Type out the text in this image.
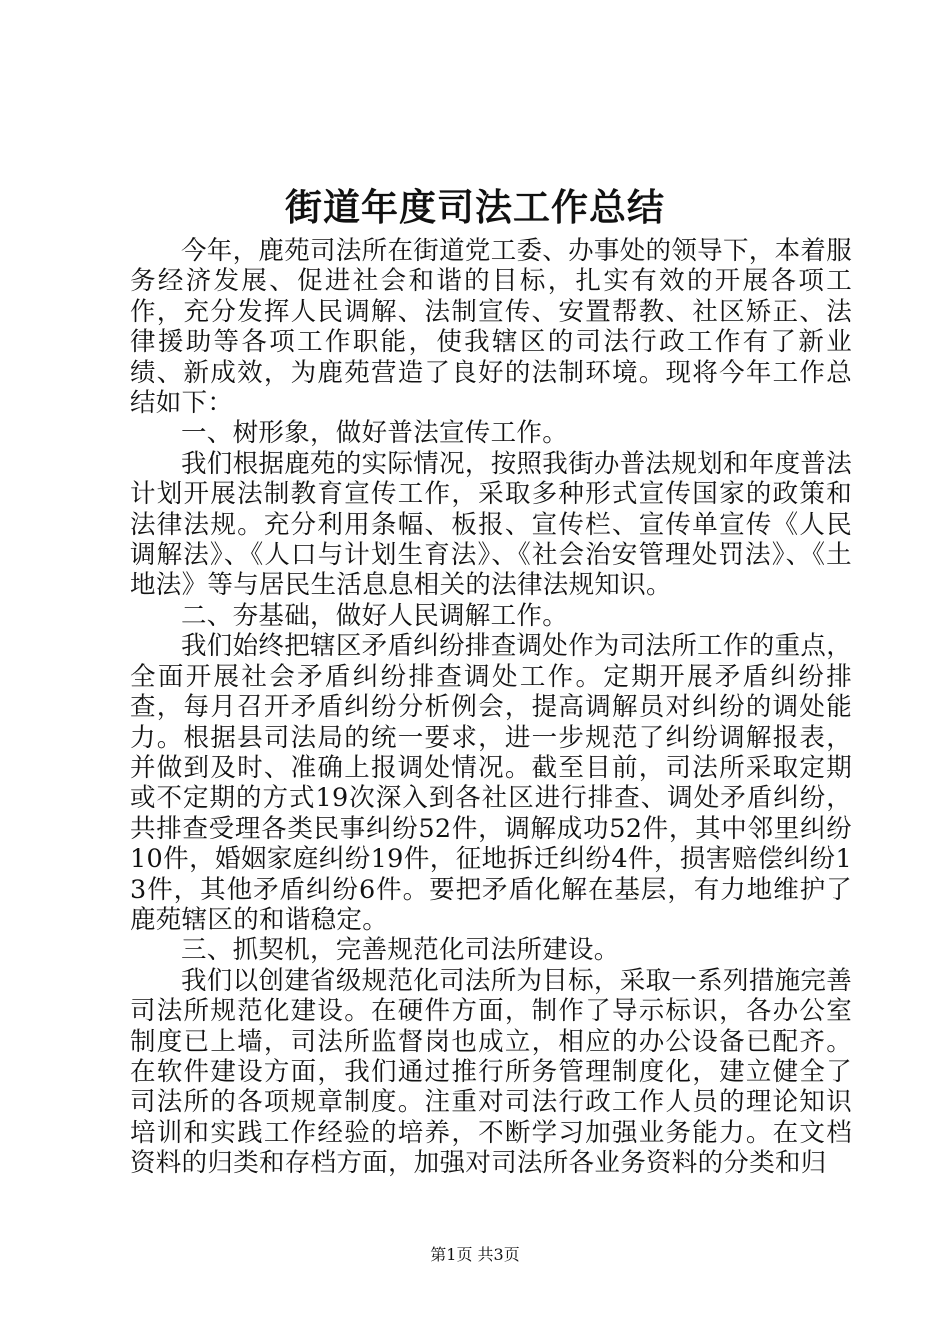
街道年度司法工作总结

今年，鹿苑司法所在街道党工委、办事处的领导下，本着服务经济发展、促进社会和谐的目标，扎实有效的开展各项工作，充分发挥人民调解、法制宣传、安置帮教、社区矫正、法律援助等各项工作职能，使我辖区的司法行政工作有了新业绩、新成效，为鹿苑营造了良好的法制环境。现将今年工作总结如下：

一、树形象，做好普法宣传工作。

我们根据鹿苑的实际情况，按照我街办普法规划和年度普法计划开展法制教育宣传工作，采取多种形式宣传国家的政策和法律法规。充分利用条幅、板报、宣传栏、宣传单宣传《人民调解法》、《人口与计划生育法》、《社会治安管理处罚法》、《土地法》等与居民生活息息相关的法律法规知识。

二、夯基础，做好人民调解工作。

我们始终把辖区矛盾纠纷排查调处作为司法所工作的重点，全面开展社会矛盾纠纷排查调处工作。定期开展矛盾纠纷排查，每月召开矛盾纠纷分析例会，提高调解员对纠纷的调处能力。根据县司法局的统一要求，进一步规范了纠纷调解报表，并做到及时、准确上报调处情况。截至目前，司法所采取定期或不定期的方式19次深入到各社区进行排查、调处矛盾纠纷，共排查受理各类民事纠纷52件，调解成功52件，其中邻里纠纷10件，婚姻家庭纠纷19件，征地拆迁纠纷4件，损害赔偿纠纷13件，其他矛盾纠纷6件。要把矛盾化解在基层，有力地维护了鹿苑辖区的和谐稳定。

三、抓契机，完善规范化司法所建设。

我们以创建省级规范化司法所为目标，采取一系列措施完善司法所规范化建设。在硬件方面，制作了导示标识，各办公室制度已上墙，司法所监督岗也成立，相应的办公设备已配齐。在软件建设方面，我们通过推行所务管理制度化，建立健全了司法所的各项规章制度。注重对司法行政工作人员的理论知识培训和实践工作经验的培养，不断学习加强业务能力。在文档资料的归类和存档方面，加强对司法所各业务资料的分类和归

第1页 共3页
